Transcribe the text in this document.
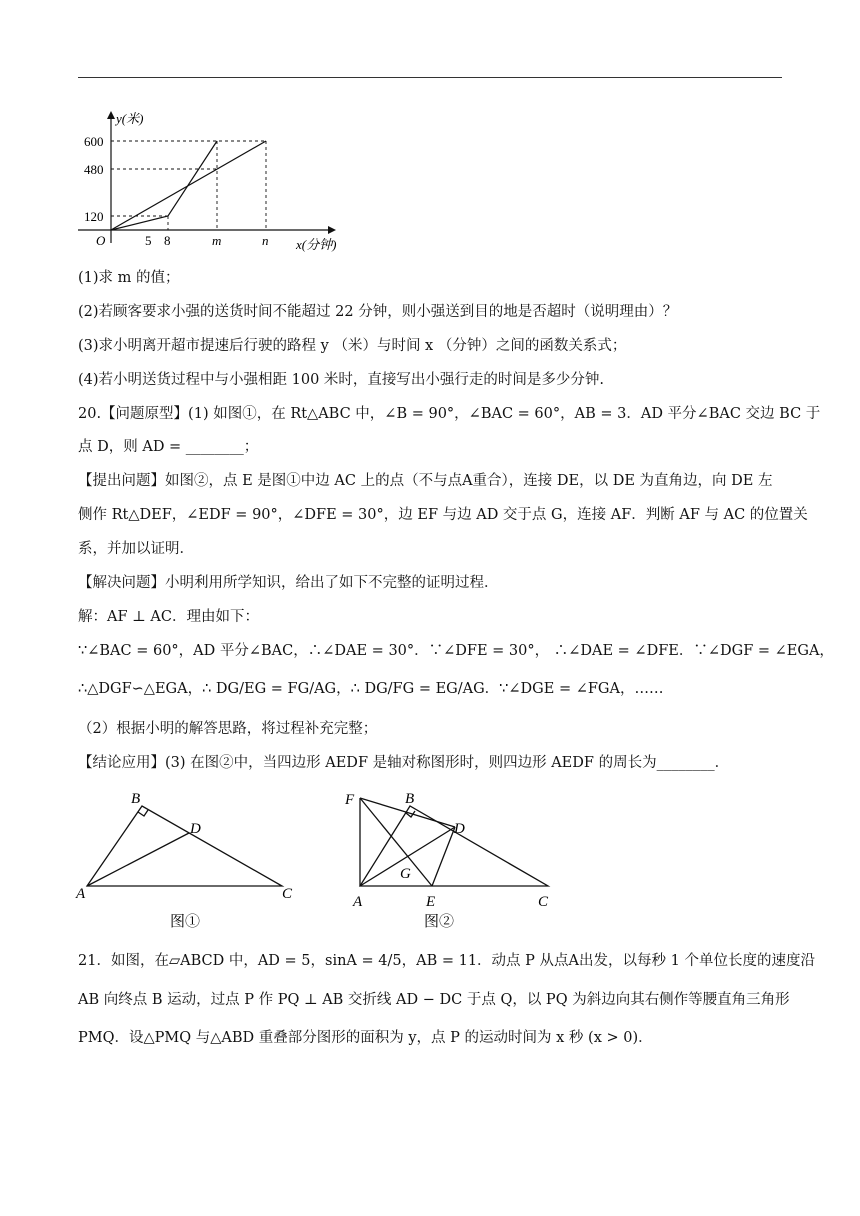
y(米)
x(分钟)
O
600
480
120
5 8	m	n
(1)求 m 的值；
(2)若顾客要求小强的送货时间不能超过 22 分钟，则小强送到目的地是否超时（说明理由）？
(3)求小明离开超市提速后行驶的路程 y （米）与时间 x （分钟）之间的函数关系式；
(4)若小明送货过程中与小强相距 100 米时，直接写出小强行走的时间是多少分钟.
20.【问题原型】(1) 如图①，在 Rt△ABC 中，∠B = 90°，∠BAC = 60°，AB = 3．AD 平分∠BAC 交边 BC 于
点 D，则 AD = ________；
【提出问题】如图②，点 E 是图①中边 AC 上的点（不与点A重合），连接 DE，以 DE 为直角边，向 DE 左
侧作 Rt△DEF，∠EDF = 90°，∠DFE = 30°，边 EF 与边 AD 交于点 G，连接 AF．判断 AF 与 AC 的位置关
系，并加以证明．
【解决问题】小明利用所学知识，给出了如下不完整的证明过程．
解：AF ⊥ AC．理由如下：
∵∠BAC = 60°，AD 平分∠BAC，∴∠DAE = 30°．∵∠DFE = 30°， ∴∠DAE = ∠DFE．∵∠DGF = ∠EGA，
∴△DGF∽△EGA，∴ DG/EG = FG/AG，∴ DG/FG = EG/AG．∵∠DGE = ∠FGA，……
（2）根据小明的解答思路，将过程补充完整；
【结论应用】(3) 在图②中，当四边形 AEDF 是轴对称图形时，则四边形 AEDF 的周长为________．
A
B
C
D
图①
A
B
C
D
E
F
G
图②
21．如图，在▱ABCD 中，AD = 5，sinA = 4/5，AB = 11．动点 P 从点A出发，以每秒 1 个单位长度的速度沿
AB 向终点 B 运动，过点 P 作 PQ ⊥ AB 交折线 AD − DC 于点 Q，以 PQ 为斜边向其右侧作等腰直角三角形
PMQ．设△PMQ 与△ABD 重叠部分图形的面积为 y，点 P 的运动时间为 x 秒 (x > 0)．
